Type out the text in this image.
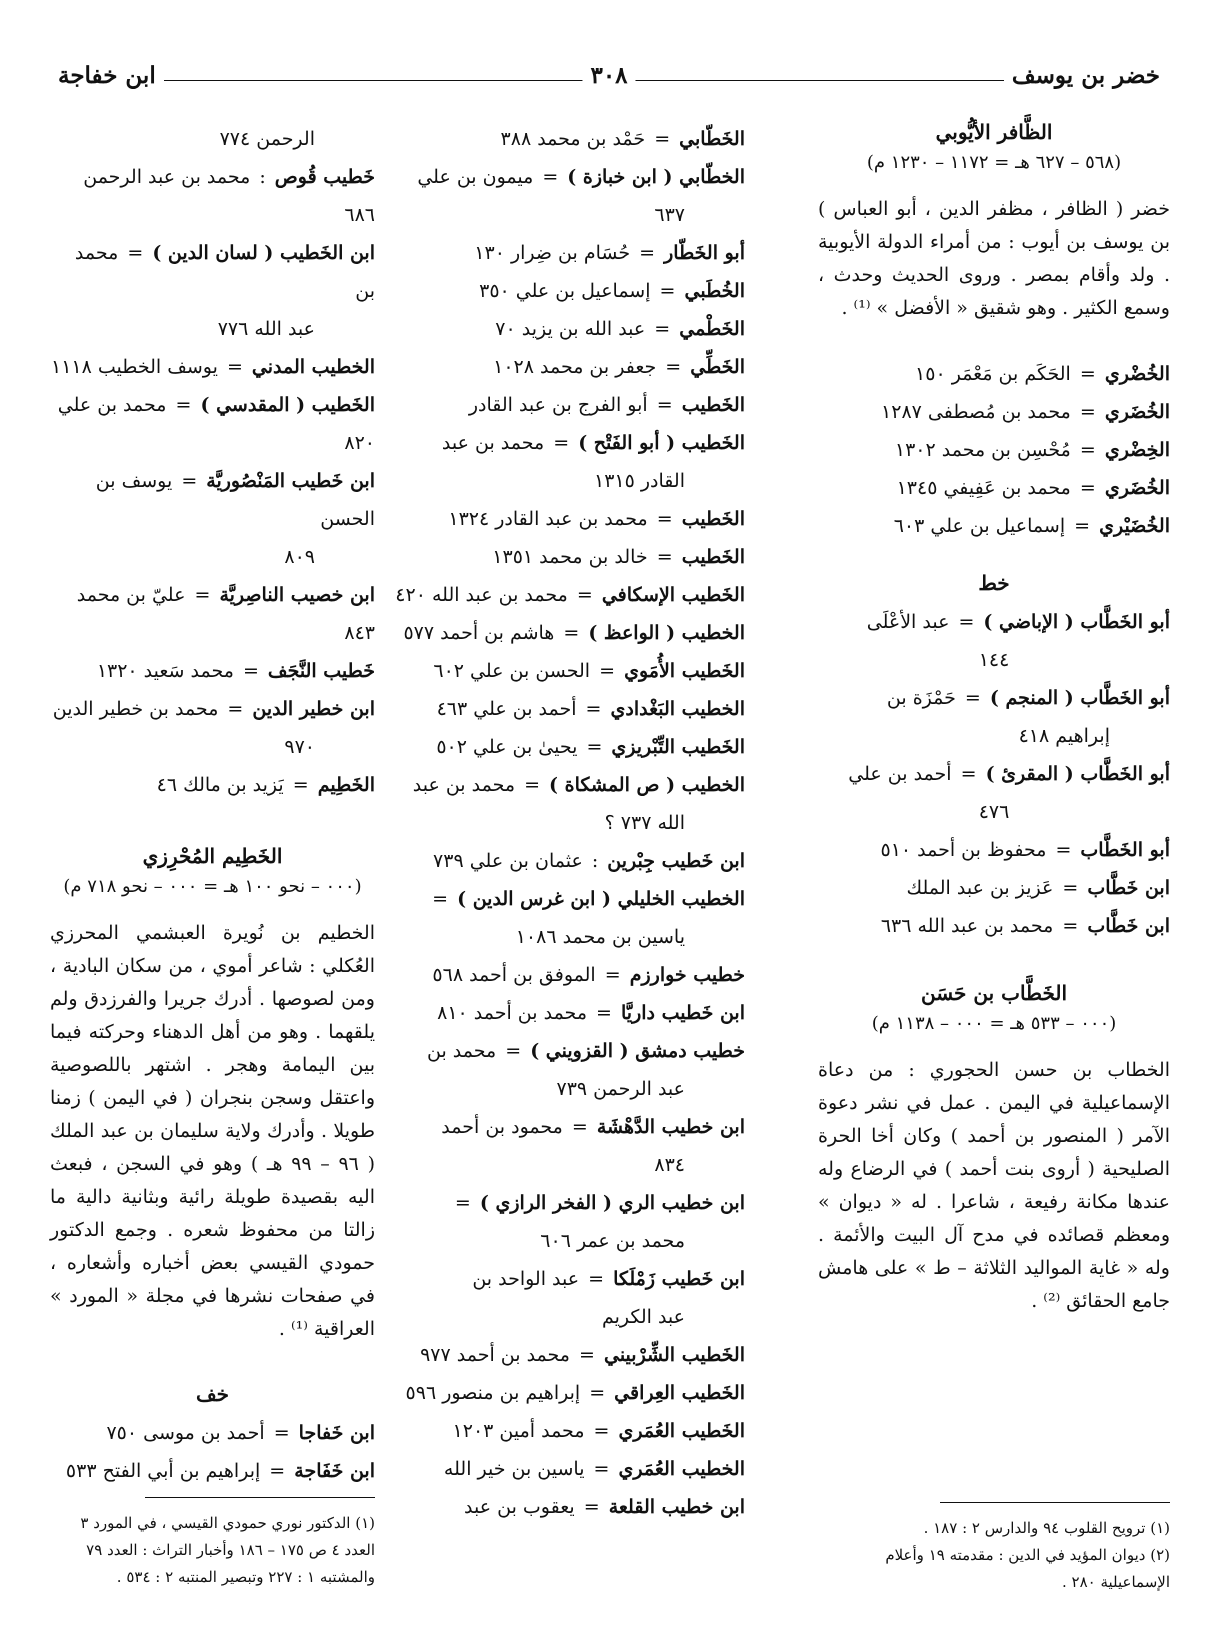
خضر بن يوسف
٣٠٨
ابن خفاجة
الظَّافر الأيُّوبي
(٥٦٨ – ٦٢٧ هـ = ١١٧٢ – ١٢٣٠ م)

خضر ( الظافر ، مظفر الدين ، أبو العباس ) بن يوسف بن أيوب : من أمراء الدولة الأيوبية . ولد وأقام بمصر . وروى الحديث وحدث ، وسمع الكثير . وهو شقيق « الأفضل » ⁽¹⁾ .

الخُضْري = الحَكَم بن مَعْمَر ١٥٠

الخُضَري = محمد بن مُصطفى ١٢٨٧

الخِضْري = مُحْسِن بن محمد ١٣٠٢

الخُضَري = محمد بن عَفِيفي ١٣٤٥

الخُضَيْري = إسماعيل بن علي ٦٠٣

خط

أبو الخَطَّاب ( الإباضي ) = عبد الأعْلَى

١٤٤

أبو الخَطَّاب ( المنجم ) = حَمْزَة بن

إبراهيم ٤١٨

أبو الخَطَّاب ( المقرئ ) = أحمد بن علي

٤٧٦

أبو الخَطَّاب = محفوظ بن أحمد ٥١٠

ابن خَطَّاب = عَزيز بن عبد الملك

ابن خَطَّاب = محمد بن عبد الله ٦٣٦

الخَطَّاب بن حَسَن
(٠٠٠ – ٥٣٣ هـ = ٠٠٠ – ١١٣٨ م)

الخطاب بن حسن الحجوري : من دعاة الإسماعيلية في اليمن . عمل في نشر دعوة الآمر ( المنصور بن أحمد ) وكان أخا الحرة الصليحية ( أروى بنت أحمد ) في الرضاع وله عندها مكانة رفيعة ، شاعرا . له « ديوان » ومعظم قصائده في مدح آل البيت والأئمة . وله « غاية المواليد الثلاثة – ط » على هامش جامع الحقائق ⁽²⁾ .

الخَطّابي = حَمْد بن محمد ٣٨٨

الخطّابي ( ابن خبازة ) = ميمون بن علي

٦٣٧

أبو الخَطّار = حُسَام بن ضِرار ١٣٠

الخُطَبي = إسماعيل بن علي ٣٥٠

الخَطْمي = عبد الله بن يزيد ٧٠

الخَطِّي = جعفر بن محمد ١٠٢٨

الخَطيب = أبو الفرج بن عبد القادر

الخَطيب ( أبو الفَتْح ) = محمد بن عبد

القادر ١٣١٥

الخَطيب = محمد بن عبد القادر ١٣٢٤

الخَطيب = خالد بن محمد ١٣٥١

الخَطيب الإسكافي = محمد بن عبد الله ٤٢٠

الخطيب ( الواعظ ) = هاشم بن أحمد ٥٧٧

الخَطيب الأُمَوي = الحسن بن علي ٦٠٢

الخطيب البَغْدادي = أحمد بن علي ٤٦٣

الخَطيب التِّبْريزي = يحيىٰ بن علي ٥٠٢

الخطيب ( ص المشكاة ) = محمد بن عبد

الله ٧٣٧ ؟

ابن خَطيب جِبْرين : عثمان بن علي ٧٣٩

الخطيب الخليلي ( ابن غرس الدين ) =

ياسين بن محمد ١٠٨٦

خطيب خوارزم = الموفق بن أحمد ٥٦٨

ابن خَطيب داريَّا = محمد بن أحمد ٨١٠

خطيب دمشق ( القزويني ) = محمد بن

عبد الرحمن ٧٣٩

ابن خطيب الدَّهْشَة = محمود بن أحمد

٨٣٤

ابن خطيب الري ( الفخر الرازي ) =

محمد بن عمر ٦٠٦

ابن خَطيب زَمْلَكا = عبد الواحد بن

عبد الكريم

الخَطيب الشِّرْبيني = محمد بن أحمد ٩٧٧

الخَطيب العِراقي = إبراهيم بن منصور ٥٩٦

الخَطيب العُمَري = محمد أمين ١٢٠٣

الخطيب العُمَري = ياسين بن خير الله

ابن خطيب القلعة = يعقوب بن عبد

الرحمن ٧٧٤

خَطيب قُوص : محمد بن عبد الرحمن ٦٨٦

ابن الخَطيب ( لسان الدين ) = محمد بن

عبد الله ٧٧٦

الخطيب المدني = يوسف الخطيب ١١١٨

الخَطيب ( المقدسي ) = محمد بن علي ٨٢٠

ابن خَطيب المَنْصُوريَّة = يوسف بن الحسن

٨٠٩

ابن خصيب الناصِريَّة = عليّ بن محمد ٨٤٣

خَطيب النَّجَف = محمد سَعيد ١٣٢٠

ابن خطير الدين = محمد بن خطير الدين

٩٧٠

الخَطِيم = يَزيد بن مالك ٤٦

الخَطِيم المُحْرِزي
(٠٠٠ – نحو ١٠٠ هـ = ٠٠٠ – نحو ٧١٨ م)

الخطيم بن نُويرة العبشمي المحرزي العُكلي : شاعر أموي ، من سكان البادية ، ومن لصوصها . أدرك جريرا والفرزدق ولم يلقهما . وهو من أهل الدهناء وحركته فيما بين اليمامة وهجر . اشتهر باللصوصية واعتقل وسجن بنجران ( في اليمن ) زمنا طويلا . وأدرك ولاية سليمان بن عبد الملك ( ٩٦ – ٩٩ هـ ) وهو في السجن ، فبعث اليه بقصيدة طويلة رائية وبثانية دالية ما زالتا من محفوظ شعره . وجمع الدكتور حمودي القيسي بعض أخباره وأشعاره ، في صفحات نشرها في مجلة « المورد » العراقية ⁽¹⁾ .

خف

ابن خَفاجا = أحمد بن موسى ٧٥٠

ابن خَفَاجة = إبراهيم بن أبي الفتح ٥٣٣

(١) ترويح القلوب ٩٤ والدارس ٢ : ١٨٧ .

(٢) ديوان المؤيد في الدين : مقدمته ١٩ وأعلام الإسماعيلية ٢٨٠ .

(١) الدكتور نوري حمودي القيسي ، في المورد ٣ العدد ٤ ص ١٧٥ – ١٨٦ وأخبار التراث : العدد ٧٩ والمشتبه ١ : ٢٢٧ وتبصير المنتبه ٢ : ٥٣٤ .
